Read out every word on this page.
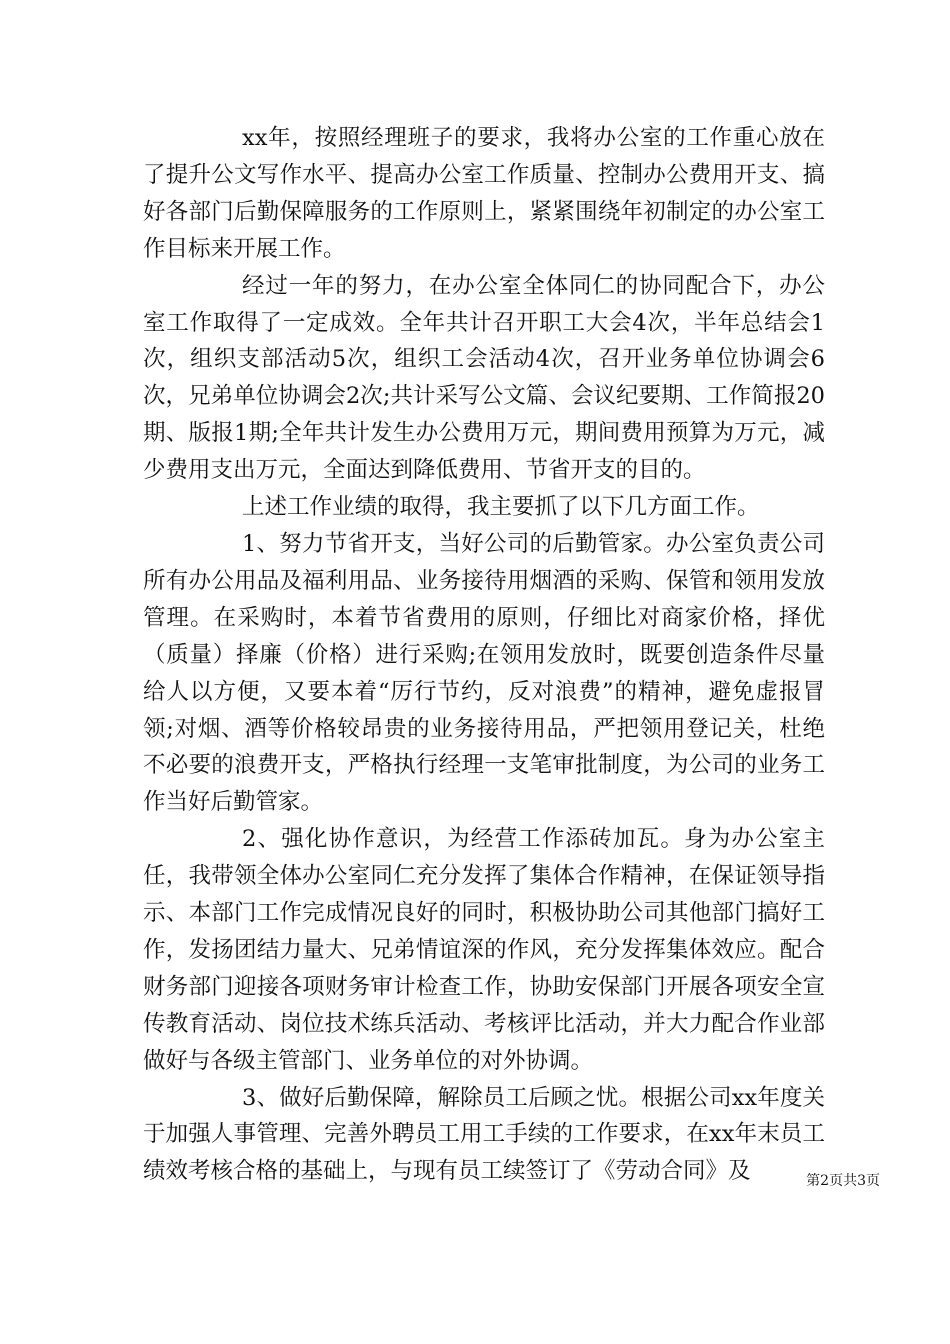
xx年，按照经理班子的要求，我将办公室的工作重心放在了提升公文写作水平、提高办公室工作质量、控制办公费用开支、搞好各部门后勤保障服务的工作原则上，紧紧围绕年初制定的办公室工作目标来开展工作。

经过一年的努力，在办公室全体同仁的协同配合下，办公室工作取得了一定成效。全年共计召开职工大会4次，半年总结会1次，组织支部活动5次，组织工会活动4次，召开业务单位协调会6次，兄弟单位协调会2次;共计采写公文篇、会议纪要期、工作简报20期、版报1期;全年共计发生办公费用万元，期间费用预算为万元，减少费用支出万元，全面达到降低费用、节省开支的目的。

上述工作业绩的取得，我主要抓了以下几方面工作。

1、努力节省开支，当好公司的后勤管家。办公室负责公司所有办公用品及福利用品、业务接待用烟酒的采购、保管和领用发放管理。在采购时，本着节省费用的原则，仔细比对商家价格，择优（质量）择廉（价格）进行采购;在领用发放时，既要创造条件尽量给人以方便，又要本着“厉行节约，反对浪费”的精神，避免虚报冒领;对烟、酒等价格较昂贵的业务接待用品，严把领用登记关，杜绝不必要的浪费开支，严格执行经理一支笔审批制度，为公司的业务工作当好后勤管家。

2、强化协作意识，为经营工作添砖加瓦。身为办公室主任，我带领全体办公室同仁充分发挥了集体合作精神，在保证领导指示、本部门工作完成情况良好的同时，积极协助公司其他部门搞好工作，发扬团结力量大、兄弟情谊深的作风，充分发挥集体效应。配合财务部门迎接各项财务审计检查工作，协助安保部门开展各项安全宣传教育活动、岗位技术练兵活动、考核评比活动，并大力配合作业部做好与各级主管部门、业务单位的对外协调。

3、做好后勤保障，解除员工后顾之忧。根据公司xx年度关于加强人事管理、完善外聘员工用工手续的工作要求，在xx年末员工绩效考核合格的基础上，与现有员工续签订了《劳动合同》及	第2页共3页
